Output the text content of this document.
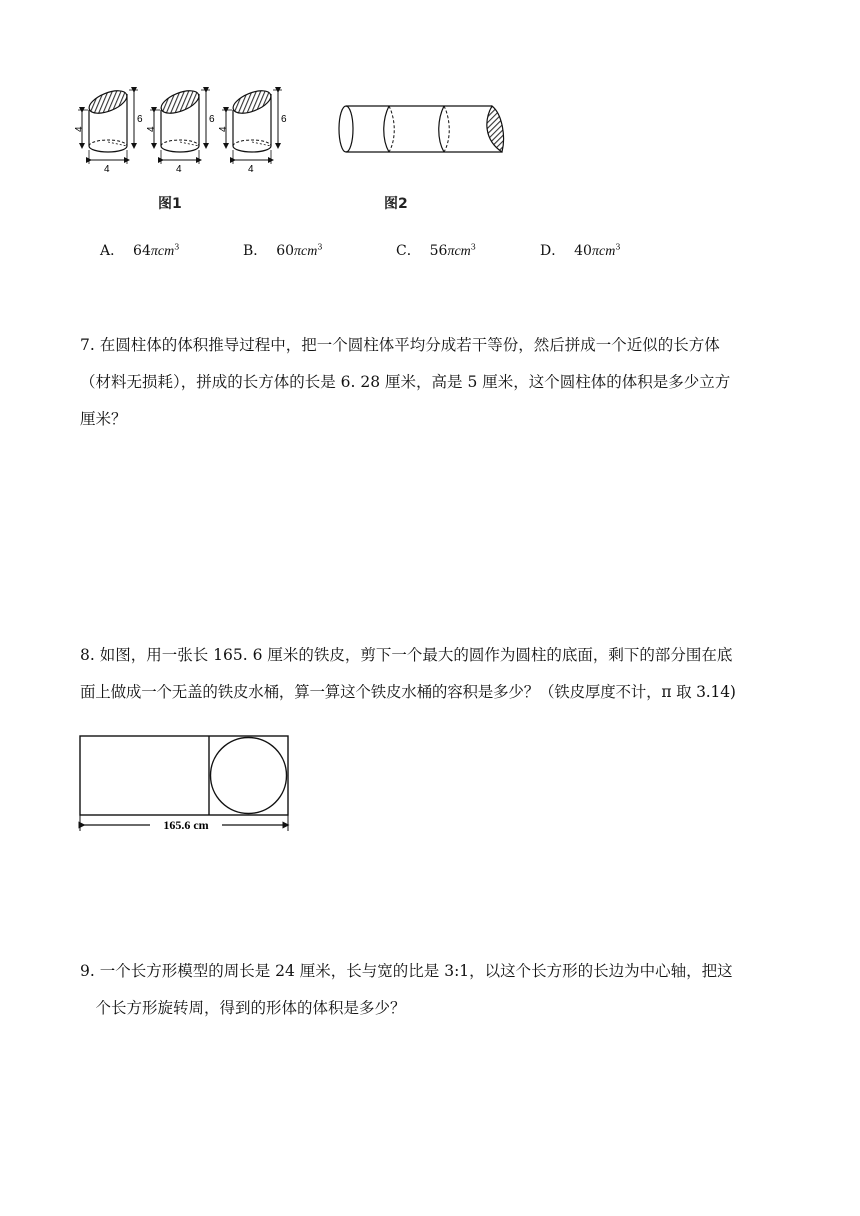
4
6
4
4
6
4
4
6
4
图1	图2
A． 64πcm$^3$	B． 60πcm$^3$	C． 56πcm$^3$	D． 40πcm$^3$

7. 在圆柱体的体积推导过程中，把一个圆柱体平均分成若干等份，然后拼成一个近似的长方体

（材料无损耗），拼成的长方体的长是 6. 28 厘米，高是 5 厘米，这个圆柱体的体积是多少立方

厘米？

8. 如图，用一张长 165. 6 厘米的铁皮，剪下一个最大的圆作为圆柱的底面，剩下的部分围在底

面上做成一个无盖的铁皮水桶，算一算这个铁皮水桶的容积是多少？（铁皮厚度不计，π 取 3.14)

165.6 cm

9. 一个长方形模型的周长是 24 厘米，长与宽的比是 3:1，以这个长方形的长边为中心轴，把这

　个长方形旋转周，得到的形体的体积是多少？
